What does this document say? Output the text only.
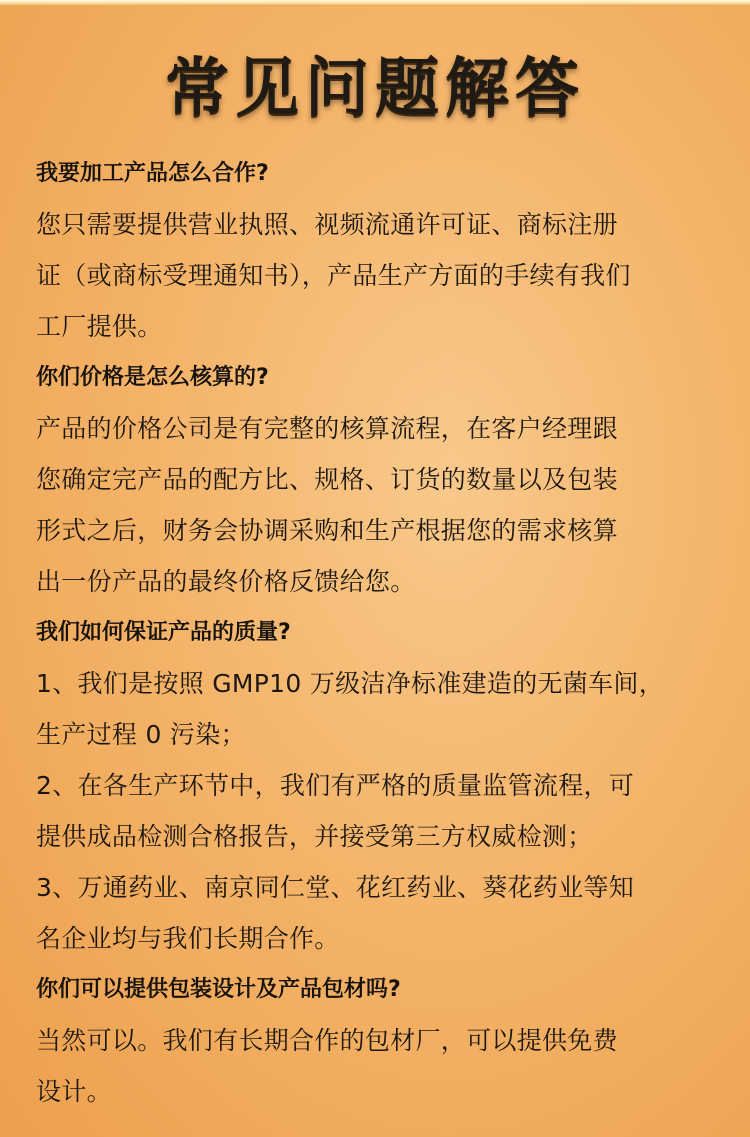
常见问题解答
我要加工产品怎么合作?
您只需要提供营业执照、视频流通许可证、商标注册
证（或商标受理通知书），产品生产方面的手续有我们
工厂提供。
你们价格是怎么核算的?
产品的价格公司是有完整的核算流程，在客户经理跟
您确定完产品的配方比、规格、订货的数量以及包装
形式之后，财务会协调采购和生产根据您的需求核算
出一份产品的最终价格反馈给您。
我们如何保证产品的质量?
1、我们是按照 GMP10 万级洁净标准建造的无菌车间，
生产过程 0 污染；
2、在各生产环节中，我们有严格的质量监管流程，可
提供成品检测合格报告，并接受第三方权威检测；
3、万通药业、南京同仁堂、花红药业、葵花药业等知
名企业均与我们长期合作。
你们可以提供包装设计及产品包材吗?
当然可以。我们有长期合作的包材厂，可以提供免费
设计。
